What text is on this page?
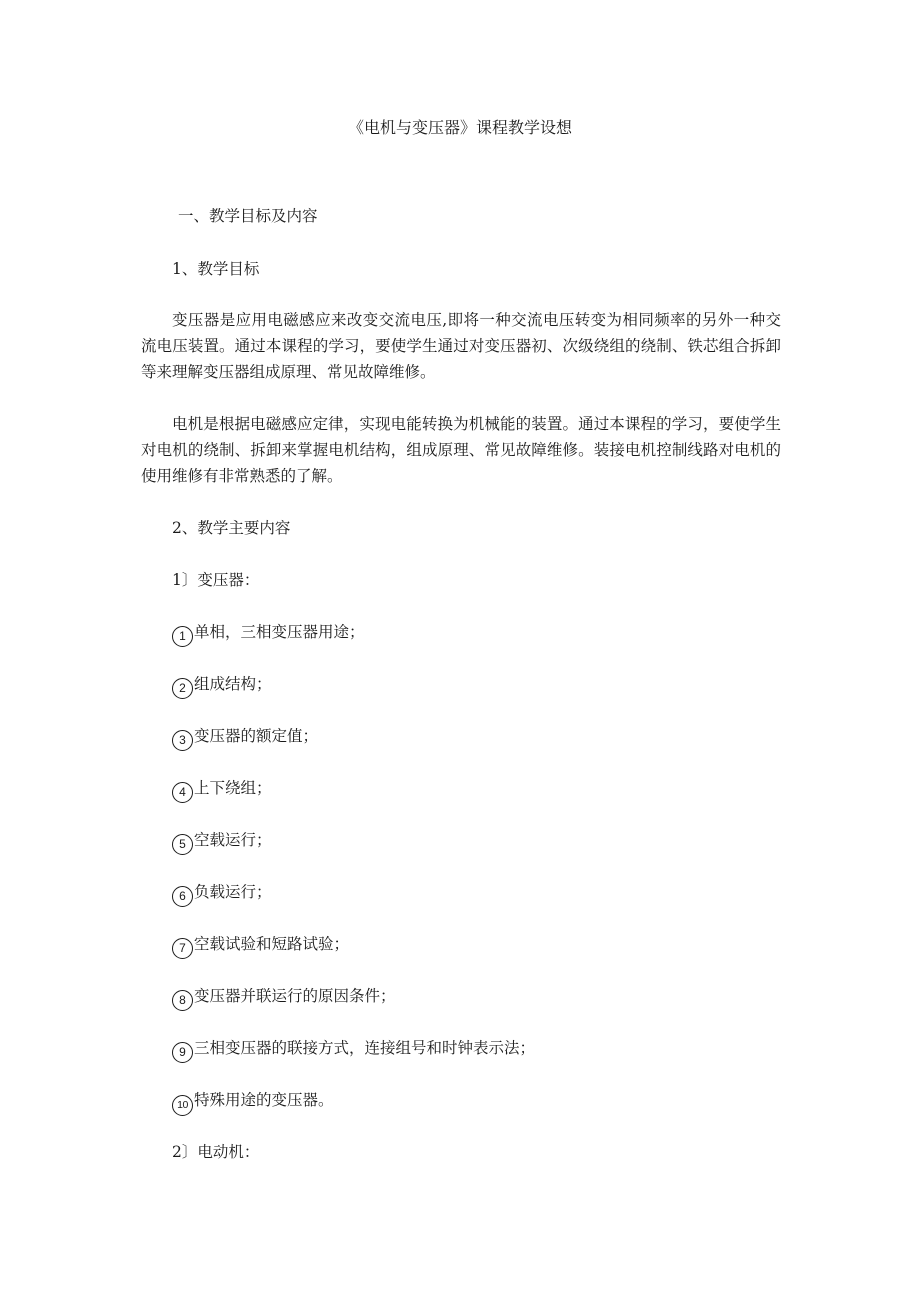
《电机与变压器》课程教学设想
一、教学目标及内容
1、教学目标

变压器是应用电磁感应来改变交流电压,即将一种交流电压转变为相同频率的另外一种交流电压装置。通过本课程的学习，要使学生通过对变压器初、次级绕组的绕制、铁芯组合拆卸等来理解变压器组成原理、常见故障维修。

电机是根据电磁感应定律，实现电能转换为机械能的装置。通过本课程的学习，要使学生对电机的绕制、拆卸来掌握电机结构，组成原理、常见故障维修。装接电机控制线路对电机的使用维修有非常熟悉的了解。

2、教学主要内容
1〕变压器：
1 单相，三相变压器用途；
2 组成结构；
3 变压器的额定值；
4 上下绕组；
5 空载运行；
6 负载运行；
7 空载试验和短路试验；
8 变压器并联运行的原因条件；
9 三相变压器的联接方式，连接组号和时钟表示法；
10 特殊用途的变压器。
2〕电动机：
